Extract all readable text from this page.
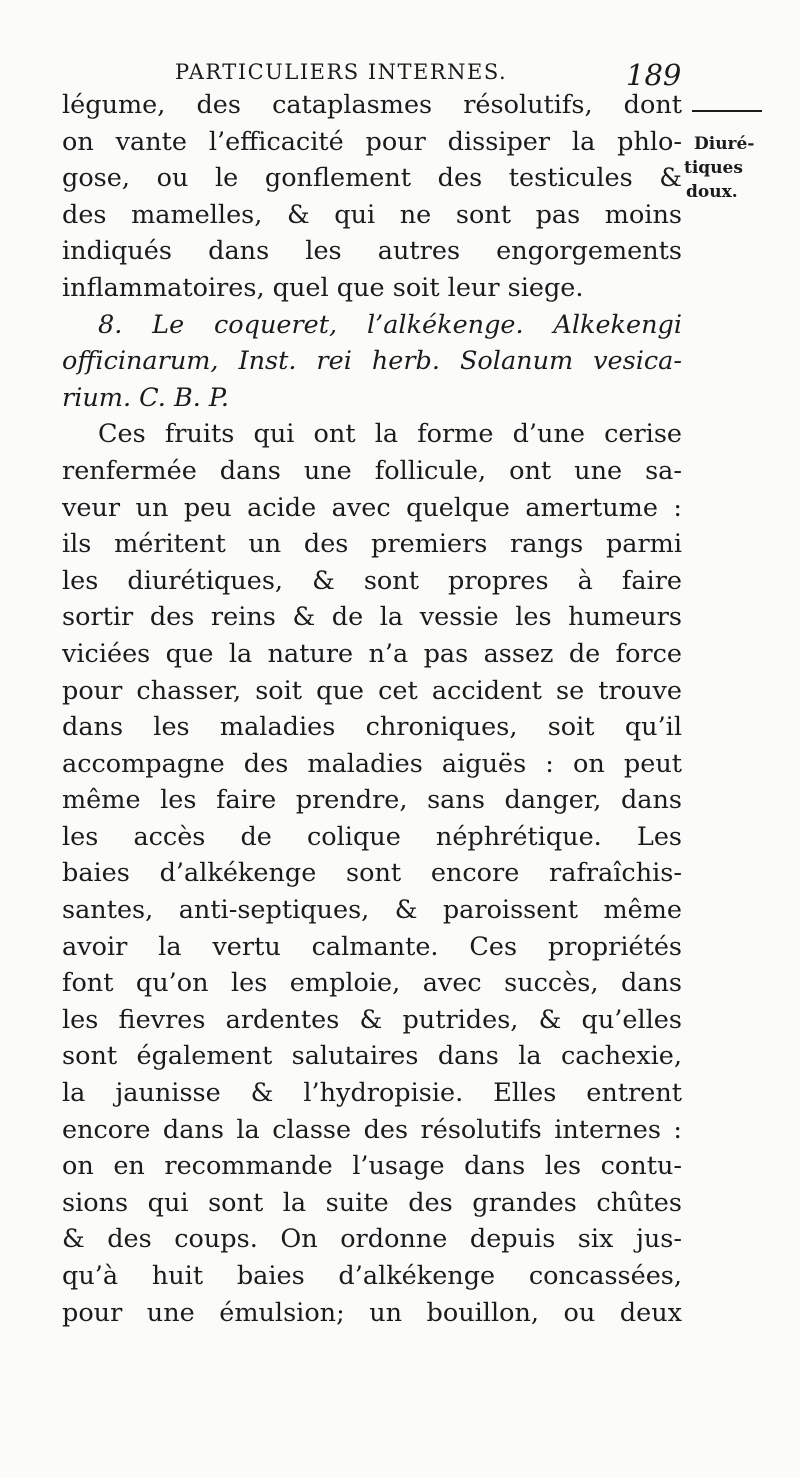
PARTICULIERS INTERNES.	189
Diuré-
tiques
doux.
légume, des cataplasmes résolutifs, dont
on vante l’efficacité pour dissiper la phlo-
gose, ou le gonflement des testicules &
des mamelles, & qui ne sont pas moins
indiqués dans les autres engorgements
inflammatoires, quel que soit leur siege.
8. Le coqueret, l’alkékenge. Alkekengi
officinarum, Inst. rei herb. Solanum vesica-
rium. C. B. P.
Ces fruits qui ont la forme d’une cerise
renfermée dans une follicule, ont une sa-
veur un peu acide avec quelque amertume :
ils méritent un des premiers rangs parmi
les diurétiques, & sont propres à faire
sortir des reins & de la vessie les humeurs
viciées que la nature n’a pas assez de force
pour chasser, soit que cet accident se trouve
dans les maladies chroniques, soit qu’il
accompagne des maladies aiguës : on peut
même les faire prendre, sans danger, dans
les accès de colique néphrétique. Les
baies d’alkékenge sont encore rafraîchis-
santes, anti-septiques, & paroissent même
avoir la vertu calmante. Ces propriétés
font qu’on les emploie, avec succès, dans
les fievres ardentes & putrides, & qu’elles
sont également salutaires dans la cachexie,
la jaunisse & l’hydropisie. Elles entrent
encore dans la classe des résolutifs internes :
on en recommande l’usage dans les contu-
sions qui sont la suite des grandes chûtes
& des coups. On ordonne depuis six jus-
qu’à huit baies d’alkékenge concassées,
pour une émulsion; un bouillon, ou deux
